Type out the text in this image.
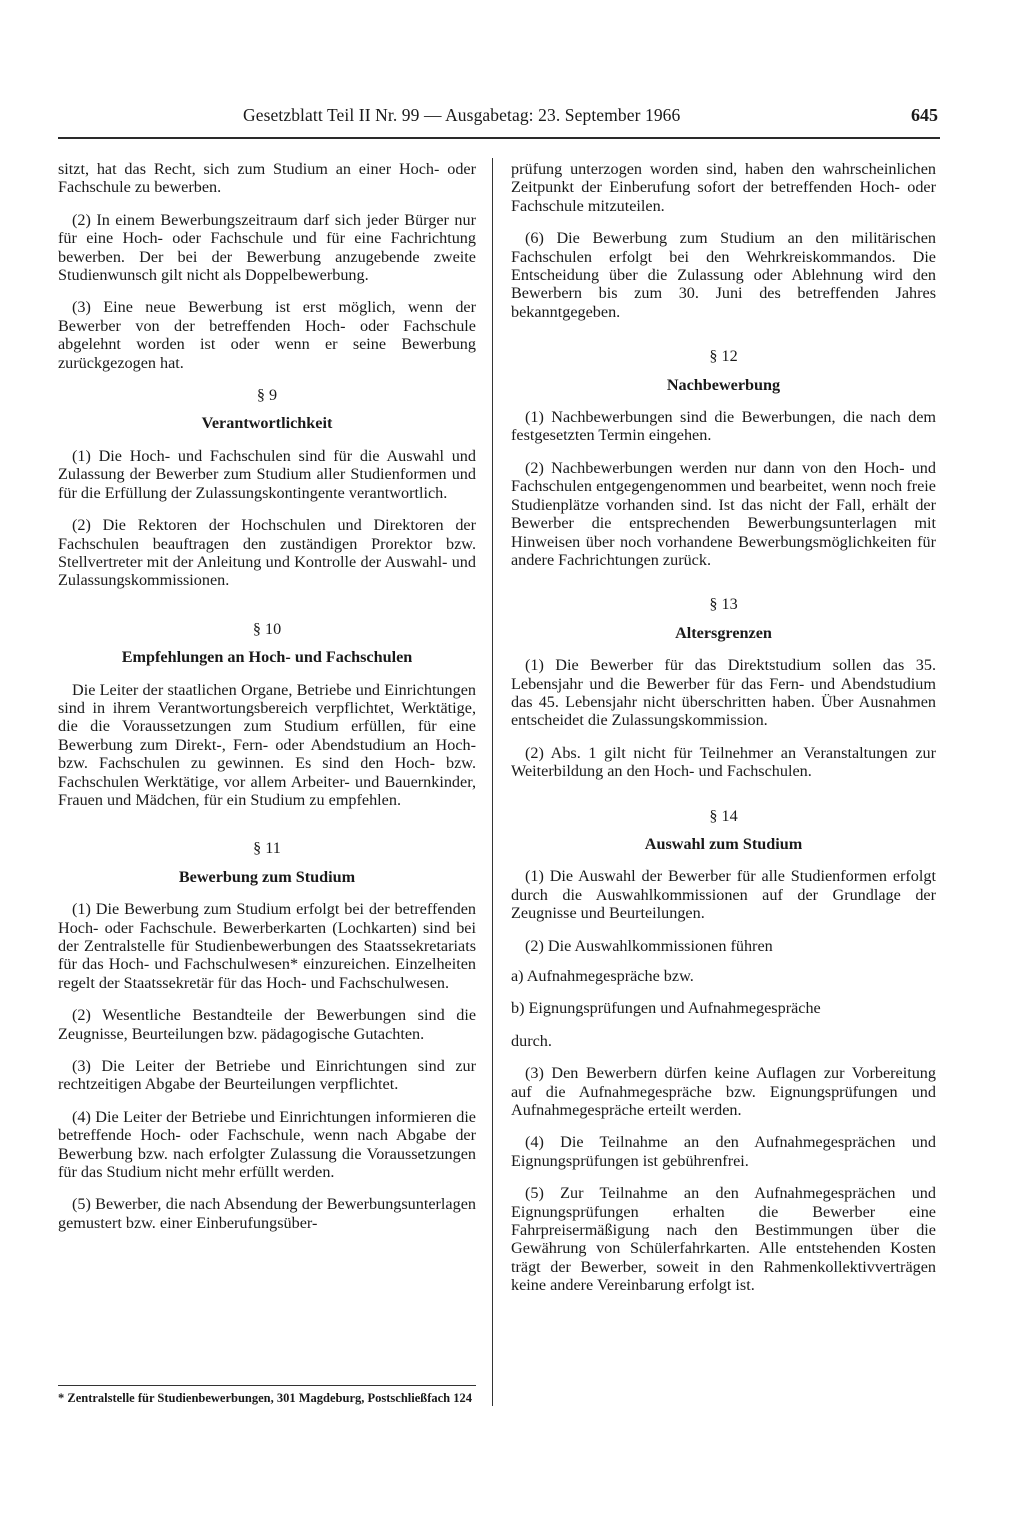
Gesetzblatt Teil II Nr. 99 — Ausgabetag: 23. September 1966	645

sitzt, hat das Recht, sich zum Studium an einer Hoch- oder Fachschule zu bewerben.

(2) In einem Bewerbungszeitraum darf sich jeder Bürger nur für eine Hoch- oder Fachschule und für eine Fachrichtung bewerben. Der bei der Bewerbung anzugebende zweite Studienwunsch gilt nicht als Doppelbewerbung.

(3) Eine neue Bewerbung ist erst möglich, wenn der Bewerber von der betreffenden Hoch- oder Fachschule abgelehnt worden ist oder wenn er seine Bewerbung zurückgezogen hat.

§ 9
Verantwortlichkeit

(1) Die Hoch- und Fachschulen sind für die Auswahl und Zulassung der Bewerber zum Studium aller Studienformen und für die Erfüllung der Zulassungskontingente verantwortlich.

(2) Die Rektoren der Hochschulen und Direktoren der Fachschulen beauftragen den zuständigen Prorektor bzw. Stellvertreter mit der Anleitung und Kontrolle der Auswahl- und Zulassungskommissionen.

§ 10
Empfehlungen an Hoch- und Fachschulen

Die Leiter der staatlichen Organe, Betriebe und Einrichtungen sind in ihrem Verantwortungsbereich verpflichtet, Werktätige, die die Voraussetzungen zum Studium erfüllen, für eine Bewerbung zum Direkt-, Fern- oder Abendstudium an Hoch- bzw. Fachschulen zu gewinnen. Es sind den Hoch- bzw. Fachschulen Werktätige, vor allem Arbeiter- und Bauernkinder, Frauen und Mädchen, für ein Studium zu empfehlen.

§ 11
Bewerbung zum Studium

(1) Die Bewerbung zum Studium erfolgt bei der betreffenden Hoch- oder Fachschule. Bewerberkarten (Lochkarten) sind bei der Zentralstelle für Studienbewerbungen des Staatssekretariats für das Hoch- und Fachschulwesen* einzureichen. Einzelheiten regelt der Staatssekretär für das Hoch- und Fachschulwesen.

(2) Wesentliche Bestandteile der Bewerbungen sind die Zeugnisse, Beurteilungen bzw. pädagogische Gutachten.

(3) Die Leiter der Betriebe und Einrichtungen sind zur rechtzeitigen Abgabe der Beurteilungen verpflichtet.

(4) Die Leiter der Betriebe und Einrichtungen informieren die betreffende Hoch- oder Fachschule, wenn nach Abgabe der Bewerbung bzw. nach erfolgter Zulassung die Voraussetzungen für das Studium nicht mehr erfüllt werden.

(5) Bewerber, die nach Absendung der Bewerbungsunterlagen gemustert bzw. einer Einberufungsüber-

* Zentralstelle für Studienbewerbungen, 301 Magdeburg, Postschließfach 124

prüfung unterzogen worden sind, haben den wahrscheinlichen Zeitpunkt der Einberufung sofort der betreffenden Hoch- oder Fachschule mitzuteilen.

(6) Die Bewerbung zum Studium an den militärischen Fachschulen erfolgt bei den Wehrkreiskommandos. Die Entscheidung über die Zulassung oder Ablehnung wird den Bewerbern bis zum 30. Juni des betreffenden Jahres bekanntgegeben.

§ 12
Nachbewerbung

(1) Nachbewerbungen sind die Bewerbungen, die nach dem festgesetzten Termin eingehen.

(2) Nachbewerbungen werden nur dann von den Hoch- und Fachschulen entgegengenommen und bearbeitet, wenn noch freie Studienplätze vorhanden sind. Ist das nicht der Fall, erhält der Bewerber die entsprechenden Bewerbungsunterlagen mit Hinweisen über noch vorhandene Bewerbungsmöglichkeiten für andere Fachrichtungen zurück.

§ 13
Altersgrenzen

(1) Die Bewerber für das Direktstudium sollen das 35. Lebensjahr und die Bewerber für das Fern- und Abendstudium das 45. Lebensjahr nicht überschritten haben. Über Ausnahmen entscheidet die Zulassungskommission.

(2) Abs. 1 gilt nicht für Teilnehmer an Veranstaltungen zur Weiterbildung an den Hoch- und Fachschulen.

§ 14
Auswahl zum Studium

(1) Die Auswahl der Bewerber für alle Studienformen erfolgt durch die Auswahlkommissionen auf der Grundlage der Zeugnisse und Beurteilungen.

(2) Die Auswahlkommissionen führen

a) Aufnahmegespräche bzw.

b) Eignungsprüfungen und Aufnahmegespräche

durch.

(3) Den Bewerbern dürfen keine Auflagen zur Vorbereitung auf die Aufnahmegespräche bzw. Eignungsprüfungen und Aufnahmegespräche erteilt werden.

(4) Die Teilnahme an den Aufnahmegesprächen und Eignungsprüfungen ist gebührenfrei.

(5) Zur Teilnahme an den Aufnahmegesprächen und Eignungsprüfungen erhalten die Bewerber eine Fahrpreisermäßigung nach den Bestimmungen über die Gewährung von Schülerfahrkarten. Alle entstehenden Kosten trägt der Bewerber, soweit in den Rahmenkollektivverträgen keine andere Vereinbarung erfolgt ist.
